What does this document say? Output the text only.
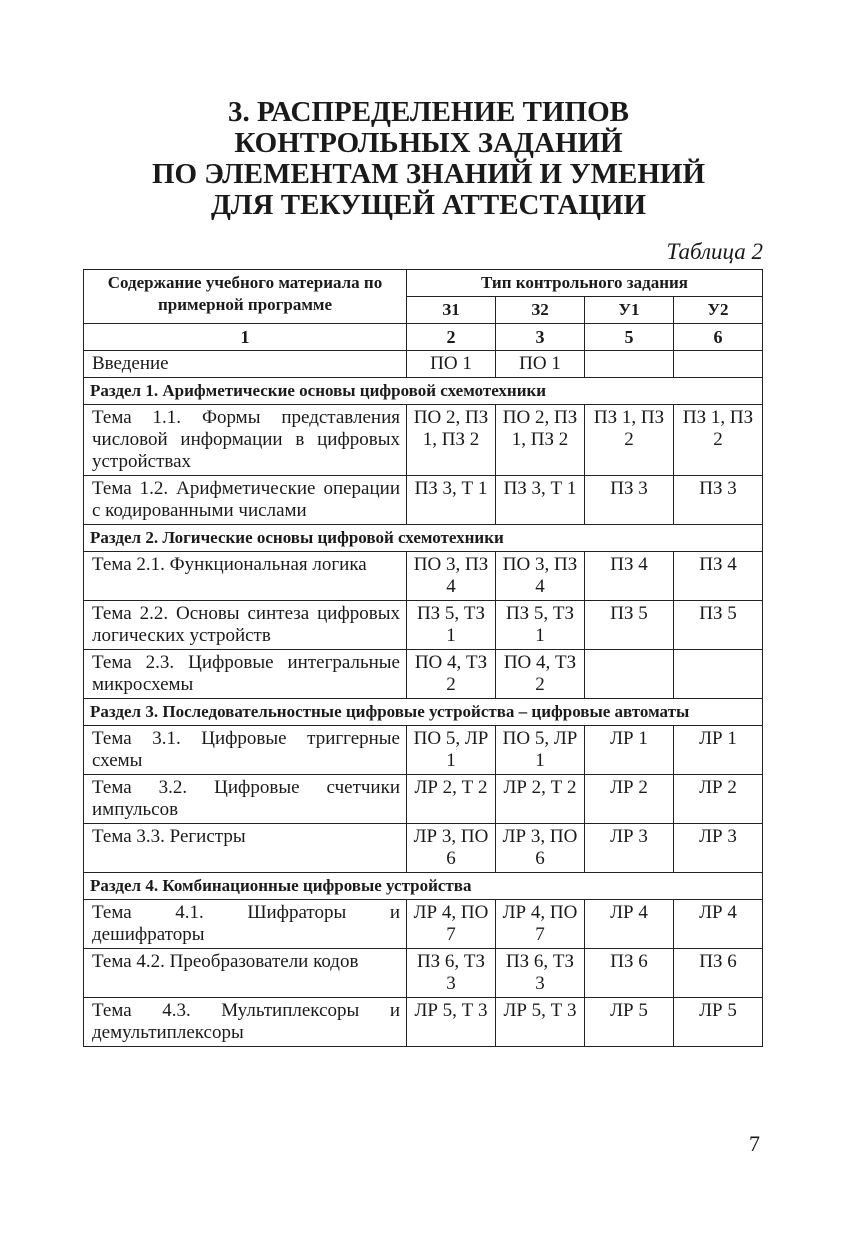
3. РАСПРЕДЕЛЕНИЕ ТИПОВ
КОНТРОЛЬНЫХ ЗАДАНИЙ
ПО ЭЛЕМЕНТАМ ЗНАНИЙ И УМЕНИЙ
ДЛЯ ТЕКУЩЕЙ АТТЕСТАЦИИ
Таблица 2
Содержание учебного материала по примерной программе	Тип контрольного задания			
	З1	З2	У1	У2
1	2	3	5	6
Введение	ПО 1	ПО 1		
Раздел 1. Арифметические основы цифровой схемотехники				
Тема 1.1. Формы представления числовой информации в цифровых устройствах	ПО 2, ПЗ 1, ПЗ 2	ПО 2, ПЗ 1, ПЗ 2	ПЗ 1, ПЗ 2	ПЗ 1, ПЗ 2
Тема 1.2. Арифметические операции с кодированными числами	ПЗ 3, Т 1	ПЗ 3, Т 1	ПЗ 3	ПЗ 3
Раздел 2. Логические основы цифровой схемотехники				
Тема 2.1. Функциональная логика	ПО 3, ПЗ 4	ПО 3, ПЗ 4	ПЗ 4	ПЗ 4
Тема 2.2. Основы синтеза цифровых логических устройств	ПЗ 5, ТЗ 1	ПЗ 5, ТЗ 1	ПЗ 5	ПЗ 5
Тема 2.3. Цифровые интегральные микросхемы	ПО 4, ТЗ 2	ПО 4, ТЗ 2		
Раздел 3. Последовательностные цифровые устройства – цифровые автоматы				
Тема 3.1. Цифровые триггерные схемы	ПО 5, ЛР 1	ПО 5, ЛР 1	ЛР 1	ЛР 1
Тема 3.2. Цифровые счетчики импульсов	ЛР 2, Т 2	ЛР 2, Т 2	ЛР 2	ЛР 2
Тема 3.3. Регистры	ЛР 3, ПО 6	ЛР 3, ПО 6	ЛР 3	ЛР 3
Раздел 4. Комбинационные цифровые устройства				
Тема 4.1. Шифраторы и дешифраторы	ЛР 4, ПО 7	ЛР 4, ПО 7	ЛР 4	ЛР 4
Тема 4.2. Преобразователи кодов	ПЗ 6, ТЗ 3	ПЗ 6, ТЗ 3	ПЗ 6	ПЗ 6
Тема 4.3. Мультиплексоры и демультиплексоры	ЛР 5, Т 3	ЛР 5, Т 3	ЛР 5	ЛР 5
7
